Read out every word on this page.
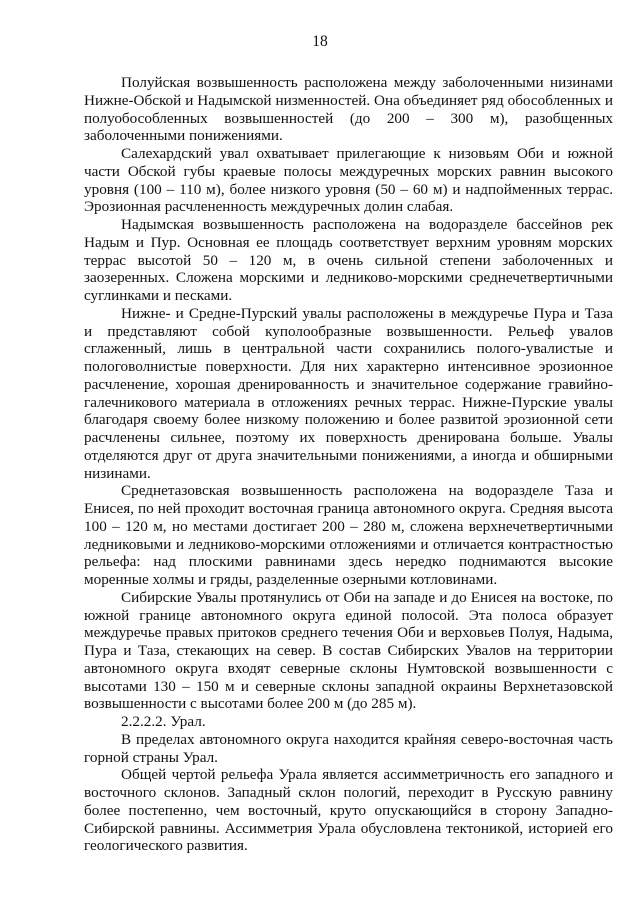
18

Полуйская возвышенность расположена между заболоченными низинами Нижне-Обской и Надымской низменностей. Она объединяет ряд обособленных и полуобособленных возвышенностей (до 200 – 300 м), разобщенных заболоченными понижениями.

Салехардский увал охватывает прилегающие к низовьям Оби и южной части Обской губы краевые полосы междуречных морских равнин высокого уровня (100 – 110 м), более низкого уровня (50 – 60 м) и надпойменных террас. Эрозионная расчлененность междуречных долин слабая.

Надымская возвышенность расположена на водоразделе бассейнов рек Надым и Пур. Основная ее площадь соответствует верхним уровням морских террас высотой 50 – 120 м, в очень сильной степени заболоченных и заозеренных. Сложена морскими и ледниково-морскими среднечетвертичными суглинками и песками.

Нижне- и Средне-Пурский увалы расположены в междуречье Пура и Таза и представляют собой куполообразные возвышенности. Рельеф увалов сглаженный, лишь в центральной части сохранились полого-увалистые и пологоволнистые поверхности. Для них характерно интенсивное эрозионное расчленение, хорошая дренированность и значительное содержание гравийно-галечникового материала в отложениях речных террас. Нижне-Пурские увалы благодаря своему более низкому положению и более развитой эрозионной сети расчленены сильнее, поэтому их поверхность дренирована больше. Увалы отделяются друг от друга значительными понижениями, а иногда и обширными низинами.

Среднетазовская возвышенность расположена на водоразделе Таза и Енисея, по ней проходит восточная граница автономного округа. Средняя высота 100 – 120 м, но местами достигает 200 – 280 м, сложена верхнечетвертичными ледниковыми и ледниково-морскими отложениями и отличается контрастностью рельефа: над плоскими равнинами здесь нередко поднимаются высокие моренные холмы и гряды, разделенные озерными котловинами.

Сибирские Увалы протянулись от Оби на западе и до Енисея на востоке, по южной границе автономного округа единой полосой. Эта полоса образует междуречье правых притоков среднего течения Оби и верховьев Полуя, Надыма, Пура и Таза, стекающих на север. В состав Сибирских Увалов на территории автономного округа входят северные склоны Нумтовской возвышенности с высотами 130 – 150 м и северные склоны западной окраины Верхнетазовской возвышенности с высотами более 200 м (до 285 м).

2.2.2.2. Урал.

В пределах автономного округа находится крайняя северо-восточная часть горной страны Урал.

Общей чертой рельефа Урала является ассимметричность его западного и восточного склонов. Западный склон пологий, переходит в Русскую равнину более постепенно, чем восточный, круто опускающийся в сторону Западно-Сибирской равнины. Ассимметрия Урала обусловлена тектоникой, историей его геологического развития.
